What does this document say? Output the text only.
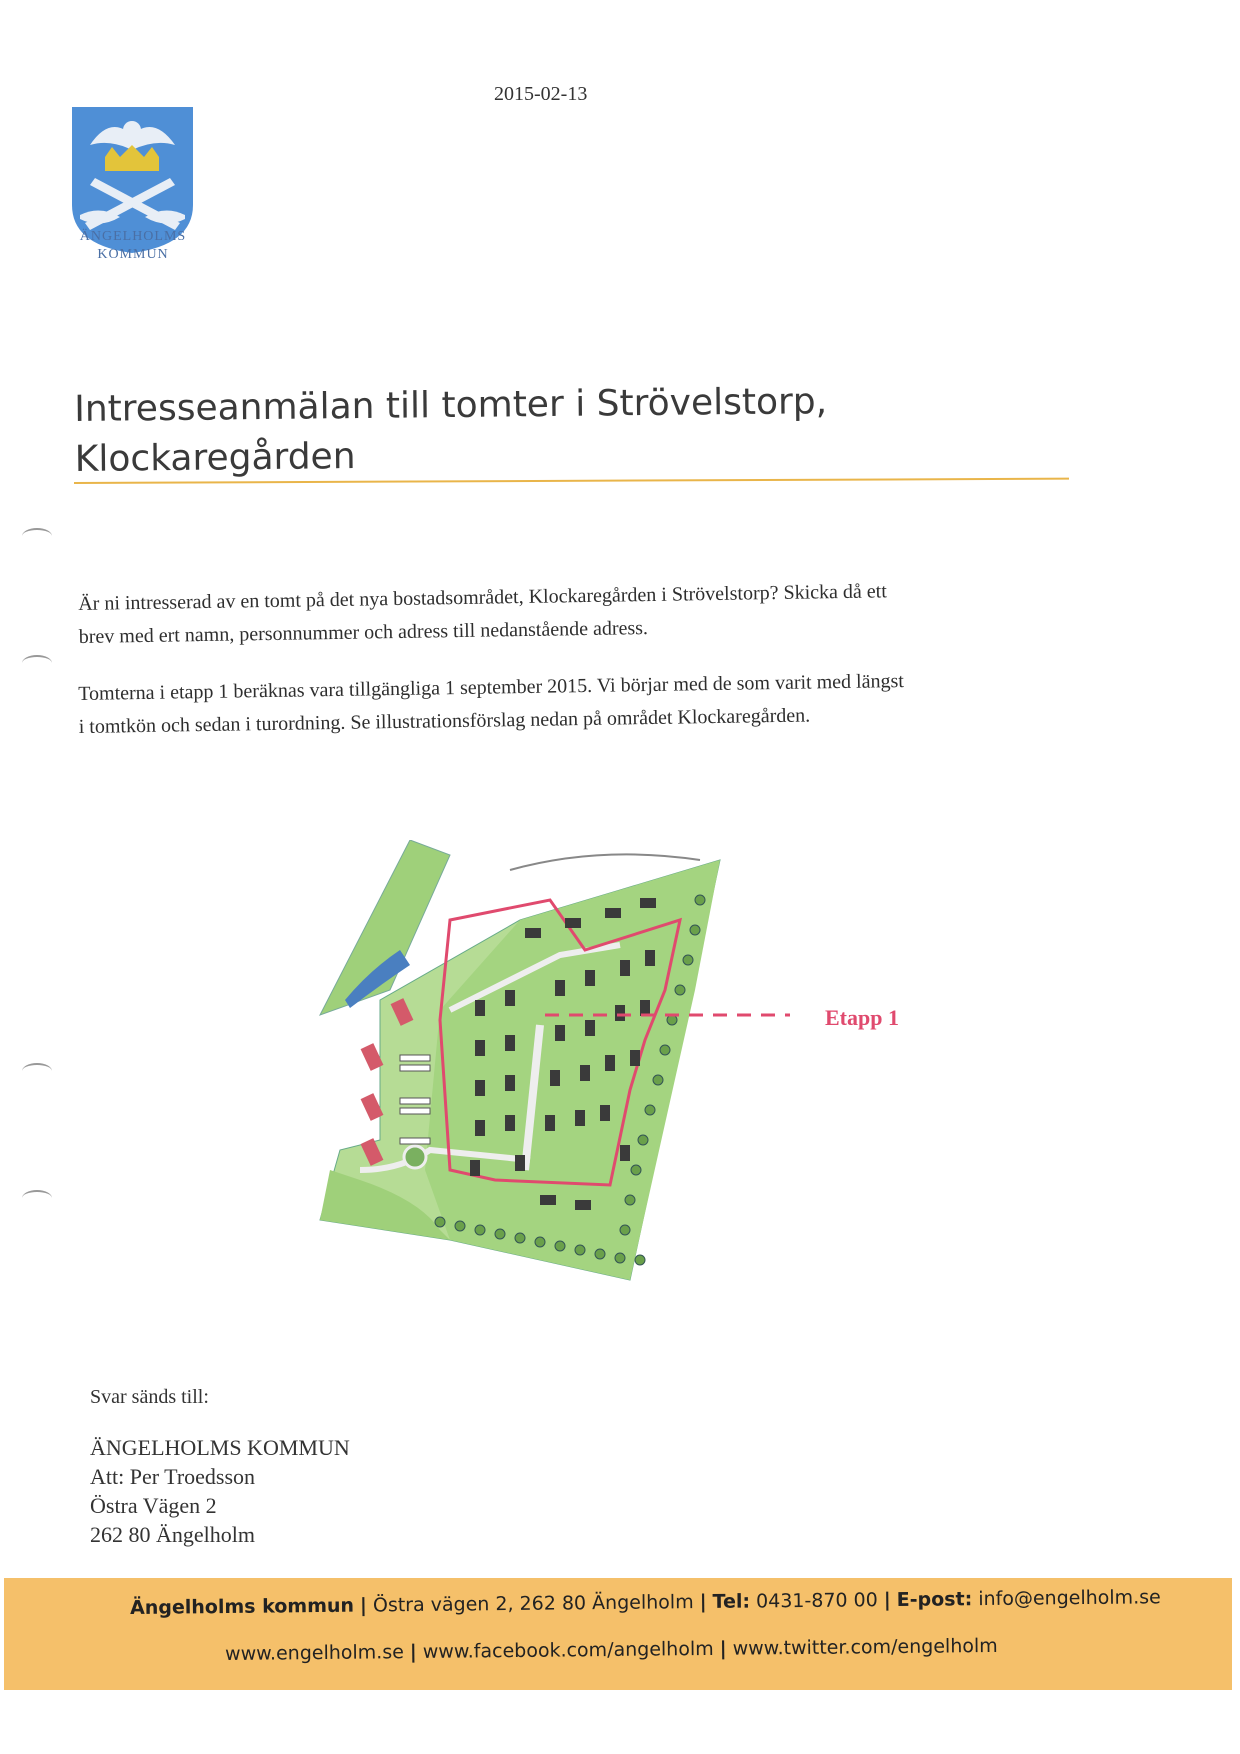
ÄNGELHOLMS
KOMMUN
2015-02-13
Intresseanmälan till tomter i Strövelstorp,
Klockaregården
Är ni intresserad av en tomt på det nya bostadsområdet, Klockaregården i Strövelstorp? Skicka då ett
brev med ert namn, personnummer och adress till nedanstående adress.
Tomterna i etapp 1 beräknas vara tillgängliga 1 september 2015. Vi börjar med de som varit med längst
i tomtkön och sedan i turordning. Se illustrationsförslag nedan på området Klockaregården.
Etapp 1
Svar sänds till:
ÄNGELHOLMS KOMMUN
Att: Per Troedsson
Östra Vägen 2
262 80 Ängelholm
Ängelholms kommun | Östra vägen 2, 262 80 Ängelholm | Tel: 0431-870 00 | E-post: info@engelholm.se
www.engelholm.se | www.facebook.com/angelholm | www.twitter.com/engelholm
